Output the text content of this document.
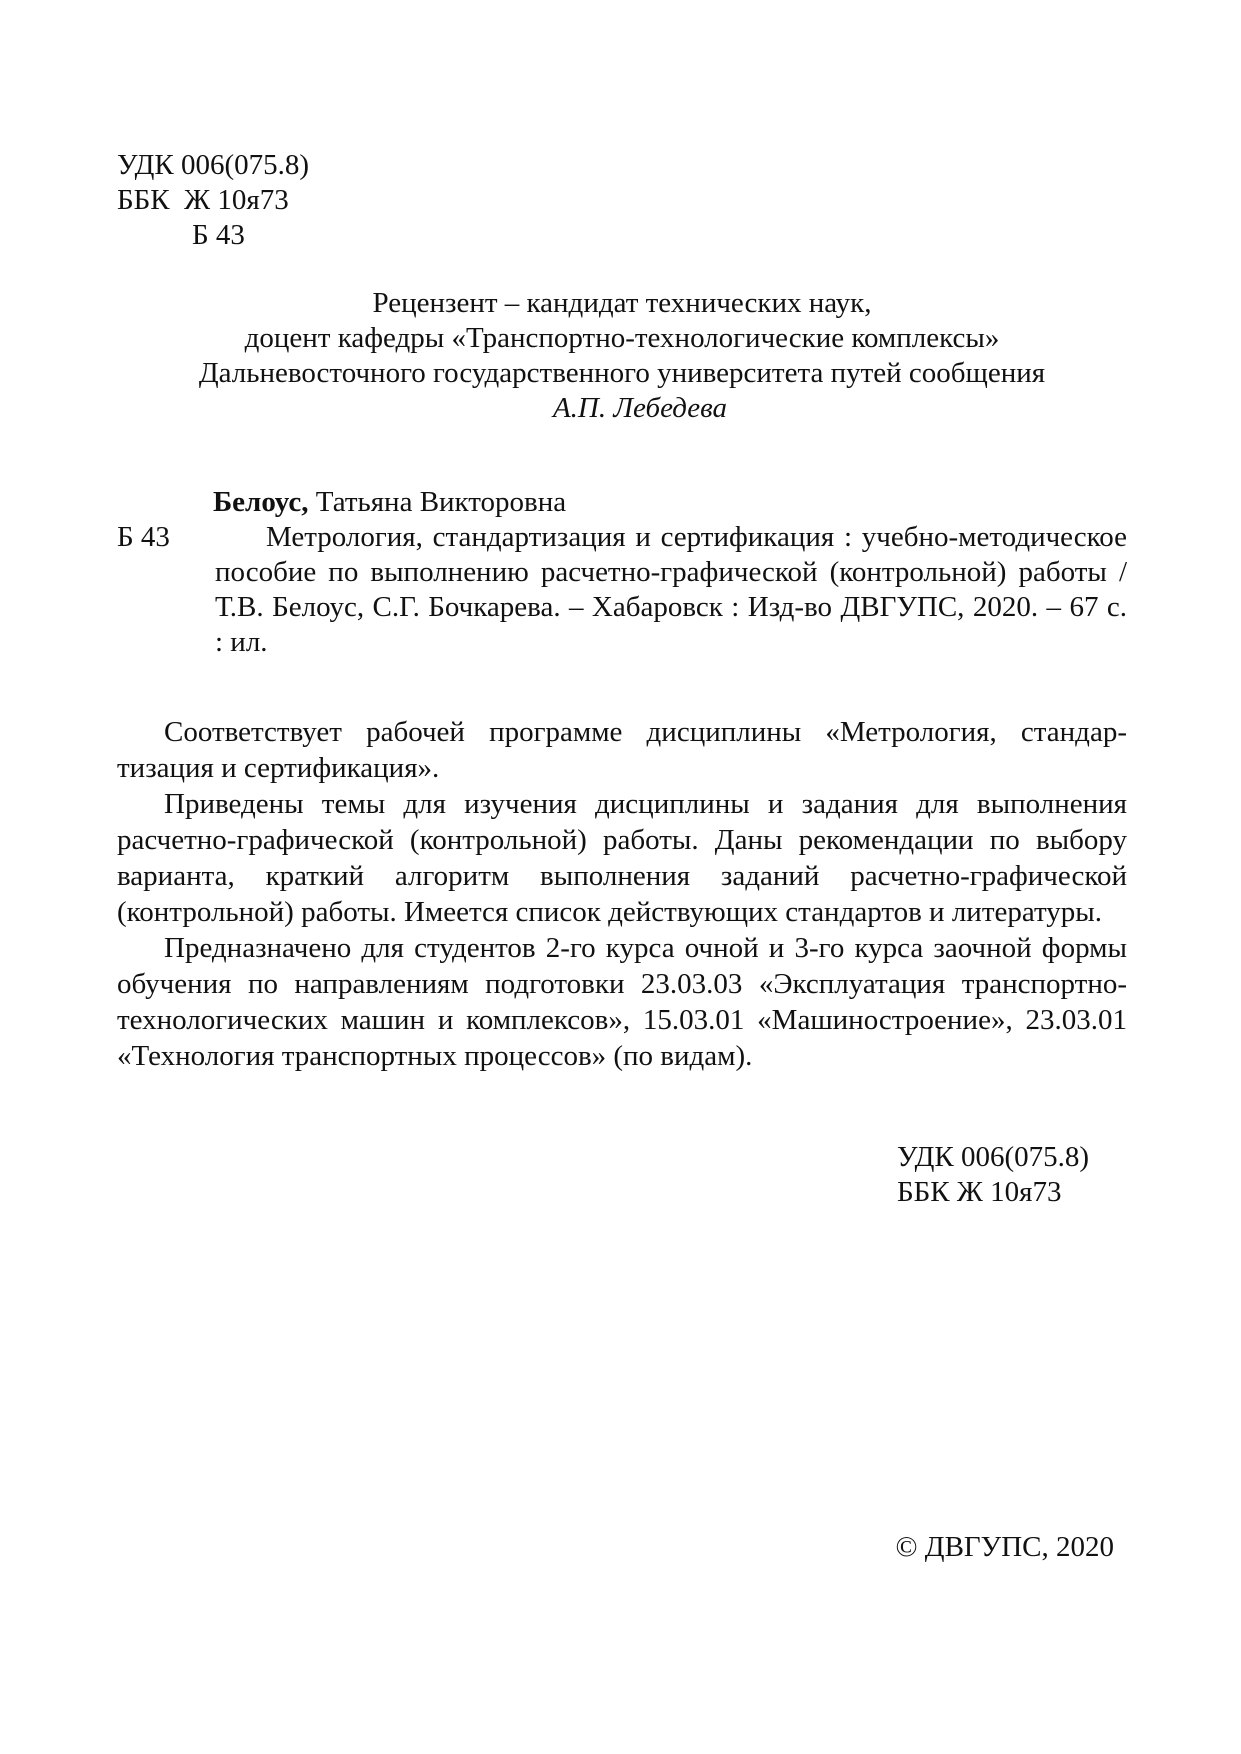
УДК 006(075.8)
ББК  Ж 10я73
Б 43
Рецензент – кандидат технических наук,
доцент кафедры «Транспортно-технологические комплексы»
Дальневосточного государственного университета путей сообщения
А.П. Лебедева
Белоус, Татьяна Викторовна
Б 43	Метрология, стандартизация и сертификация : учебно-методическое пособие по выполнению расчетно-графической (контрольной) работы / Т.В. Белоус, С.Г. Бочкарева. – Хабаровск : Изд-во ДВГУПС, 2020. – 67 с. : ил.

Соответствует рабочей программе дисциплины «Метрология, стандартизация и сертификация».

Приведены темы для изучения дисциплины и задания для выполнения расчетно-графической (контрольной) работы. Даны рекомендации по выбору варианта, краткий алгоритм выполнения заданий расчетно-графической (контрольной) работы. Имеется список действующих стандартов и литературы.

Предназначено для студентов 2-го курса очной и 3-го курса заочной формы обучения по направлениям подготовки 23.03.03 «Эксплуатация транспортно-технологических машин и комплексов», 15.03.01 «Машиностроение», 23.03.01 «Технология транспортных процессов» (по видам).

УДК 006(075.8)
ББК Ж 10я73
© ДВГУПС, 2020
